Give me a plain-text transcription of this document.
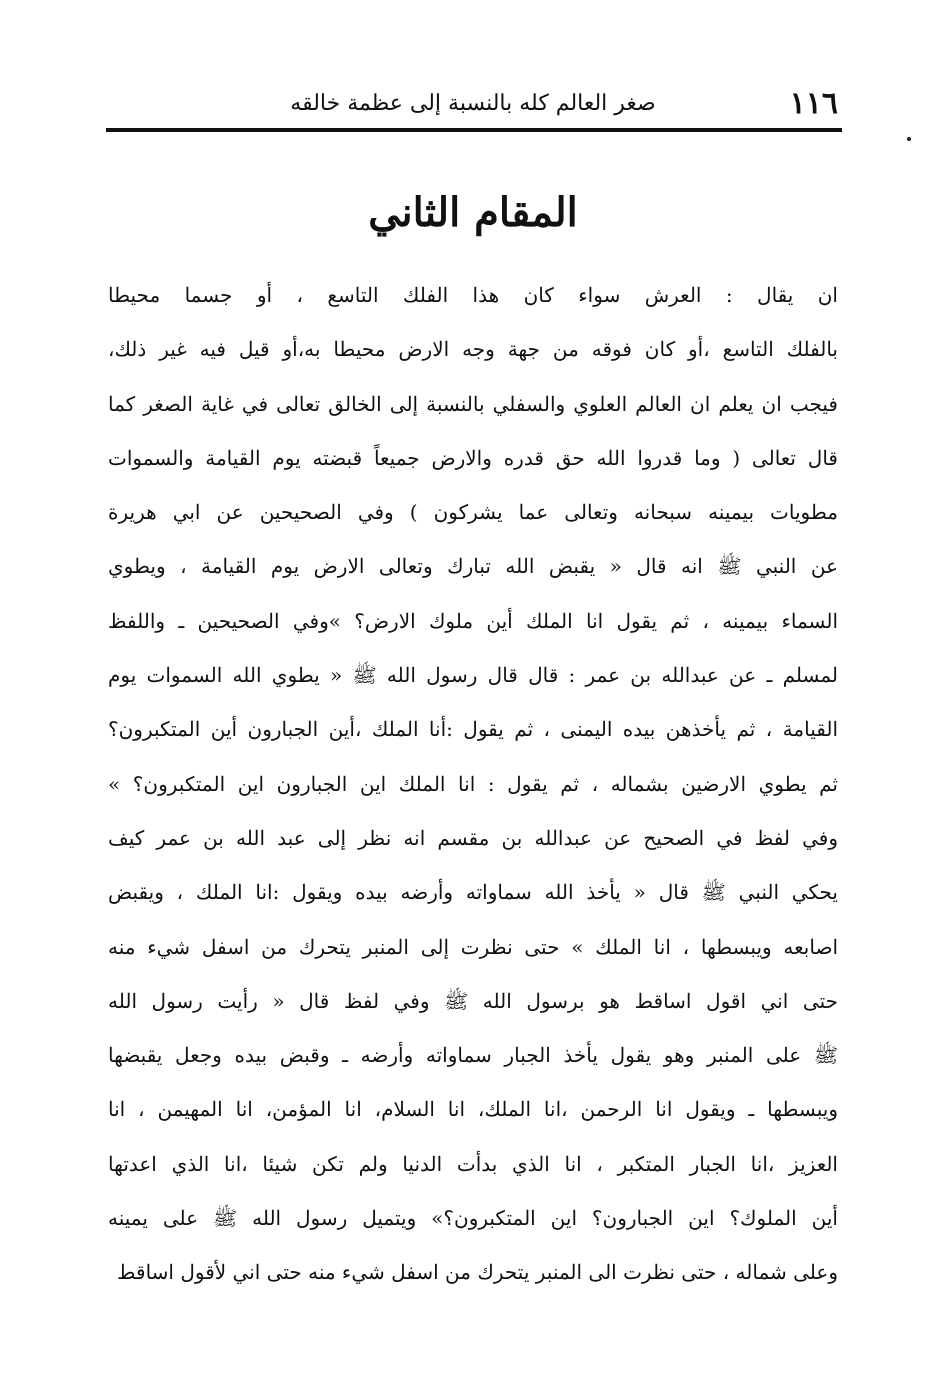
١١٦
صغر العالم كله بالنسبة إلى عظمة خالقه
المقام الثاني
ان يقال : العرش سواء كان هذا الفلك التاسع ، أو جسما محيطا
بالفلك التاسع ،أو كان فوقه من جهة وجه الارض محيطا به،أو قيل فيه غير ذلك،
فيجب ان يعلم ان العالم العلوي والسفلي بالنسبة إلى الخالق تعالى في غاية الصغر كما
قال تعالى ( وما قدروا الله حق قدره والارض جميعاً قبضته يوم القيامة والسموات
مطويات بيمينه سبحانه وتعالى عما يشركون ) وفي الصحيحين عن ابي هريرة
عن النبي ﷺ انه قال « يقبض الله تبارك وتعالى الارض يوم القيامة ، ويطوي
السماء بيمينه ، ثم يقول انا الملك أين ملوك الارض؟ »وفي الصحيحين ـ واللفظ
لمسلم ـ عن عبدالله بن عمر : قال قال رسول الله ﷺ « يطوي الله السموات يوم
القيامة ، ثم يأخذهن بيده اليمنى ، ثم يقول :أنا الملك ،أين الجبارون أين المتكبرون؟
ثم يطوي الارضين بشماله ، ثم يقول : انا الملك اين الجبارون اين المتكبرون؟ »
وفي لفظ في الصحيح عن عبدالله بن مقسم انه نظر إلى عبد الله بن عمر كيف
يحكي النبي ﷺ قال « يأخذ الله سماواته وأرضه بيده ويقول :انا الملك ، ويقبض
اصابعه ويبسطها ، انا الملك » حتى نظرت إلى المنبر يتحرك من اسفل شيء منه
حتى اني اقول اساقط هو برسول الله ﷺ وفي لفظ قال « رأيت رسول الله
ﷺ على المنبر وهو يقول يأخذ الجبار سماواته وأرضه ـ وقبض بيده وجعل يقبضها
ويبسطها ـ ويقول انا الرحمن ،انا الملك، انا السلام، انا المؤمن، انا المهيمن ، انا
العزيز ،انا الجبار المتكبر ، انا الذي بدأت الدنيا ولم تكن شيئا ،انا الذي اعدتها
أين الملوك؟ اين الجبارون؟ اين المتكبرون؟» ويتميل رسول الله ﷺ على يمينه
وعلى شماله ، حتى نظرت الى المنبر يتحرك من اسفل شيء منه حتى اني لأقول اساقط
